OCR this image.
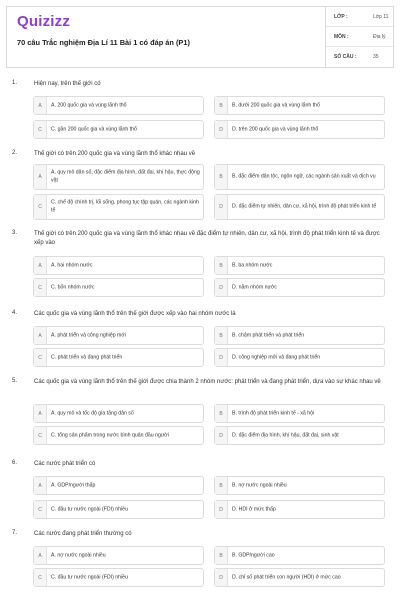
Quizizz
70 câu Trắc nghiệm Địa Lí 11 Bài 1 có đáp án (P1)
LỚP :	Lớp 11
MÔN :	Địa lý
SỐ CÂU :	35
1.	Hiện nay, trên thế giới có
A	A. 200 quốc gia và vùng lãnh thổ	B	B. dưới 200 quốc gia và vùng lãnh thổ
C	C. gần 200 quốc gia và vùng lãnh thổ	D	D. trên 200 quốc gia và vùng lãnh thổ
2.	Thế giới có trên 200 quốc gia và vùng lãnh thổ khác nhau về
A
A. quy mô dân số, đặc điểm địa hình, đất đai, khí hậu, thực động vật	B	B. đặc điểm dân tộc, ngôn ngữ, các ngành sản xuất và dịch vụ
C
C. chế độ chính trị, lối sống, phong tục tập quán, các ngành kinh tế	D	D. đặc điểm tự nhiên, dân cư, xã hội, trình độ phát triển kinh tế
3.	Thế giới có trên 200 quốc gia và vùng lãnh thổ khác nhau về đặc điểm tự nhiên, dân cư, xã hội, trình độ phát triển kinh tế và được xếp vào
A	A. hai nhóm nước	B	B. ba nhóm nước
C	C. bốn nhóm nước	D	D. năm nhóm nước
4.	Các quốc gia và vùng lãnh thổ trên thế giới được xếp vào hai nhóm nước là
A	A. phát triển và công nghiệp mới	B	B. chậm phát triển và phát triển
C	C. phát triển và đang phát triển	D	D. công nghiệp mới và đang phát triển
5.	Các quốc gia và vùng lãnh thổ trên thế giới được chia thành 2 nhóm nước: phát triển và đang phát triển, dựa vào sự khác nhau về
A	A. quy mô và tốc độ gia tăng dân số	B	B. trình độ phát triển kinh tế - xã hội
C	C. tổng sản phẩm trong nước bình quân đầu người	D	D. đặc điểm địa hình, khí hậu, đất đai, sinh vật
6.	Các nước phát triển có
A	A. GDP/người thấp	B	B. nợ nước ngoài nhiều
C	C. đầu tư nước ngoài (FDI) nhiều	D	D. HDI ở mức thấp
7.	Các nước đang phát triển thường có
A	A. nợ nước ngoài nhiều	B	B. GDP/người cao
C	C. đầu tư nước ngoài (FDI) nhiều	D	D. chỉ số phát triển con người (HDI) ở mức cao
